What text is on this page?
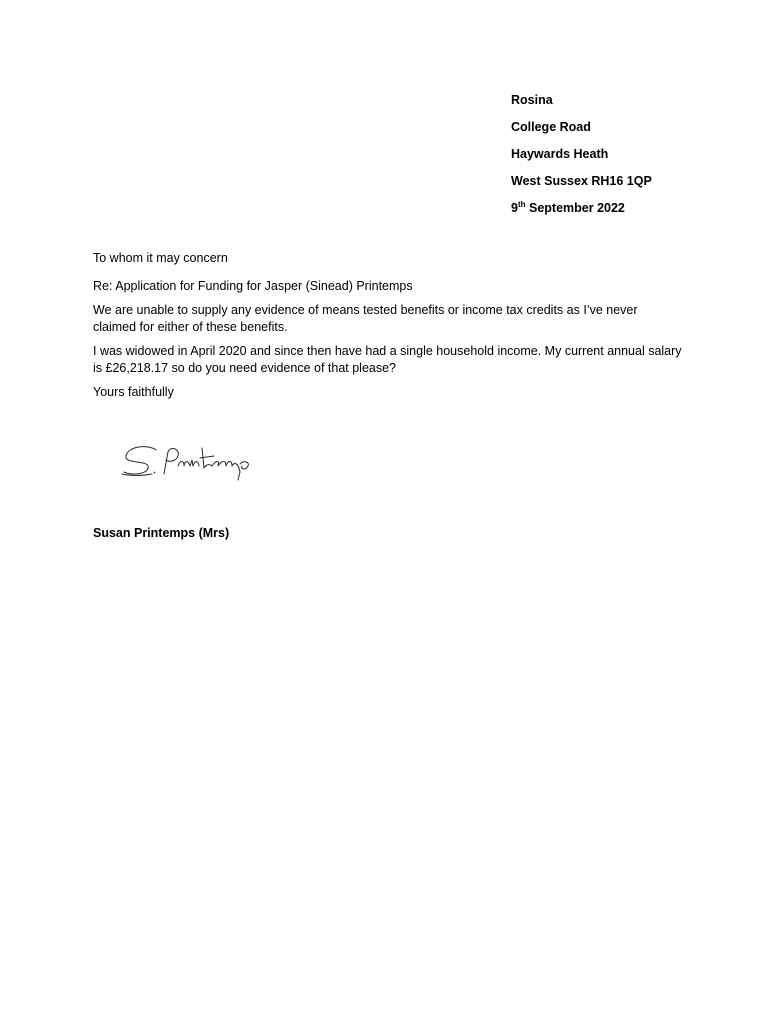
Rosina
College Road
Haywards Heath
West Sussex RH16 1QP
9th September 2022

To whom it may concern

Re: Application for Funding for Jasper (Sinead) Printemps

We are unable to supply any evidence of means tested benefits or income tax credits as I’ve never claimed for either of these benefits.

I was widowed in April 2020 and since then have had a single household income. My current annual salary is £26,218.17 so do you need evidence of that please?

Yours faithfully

Susan Printemps (Mrs)
